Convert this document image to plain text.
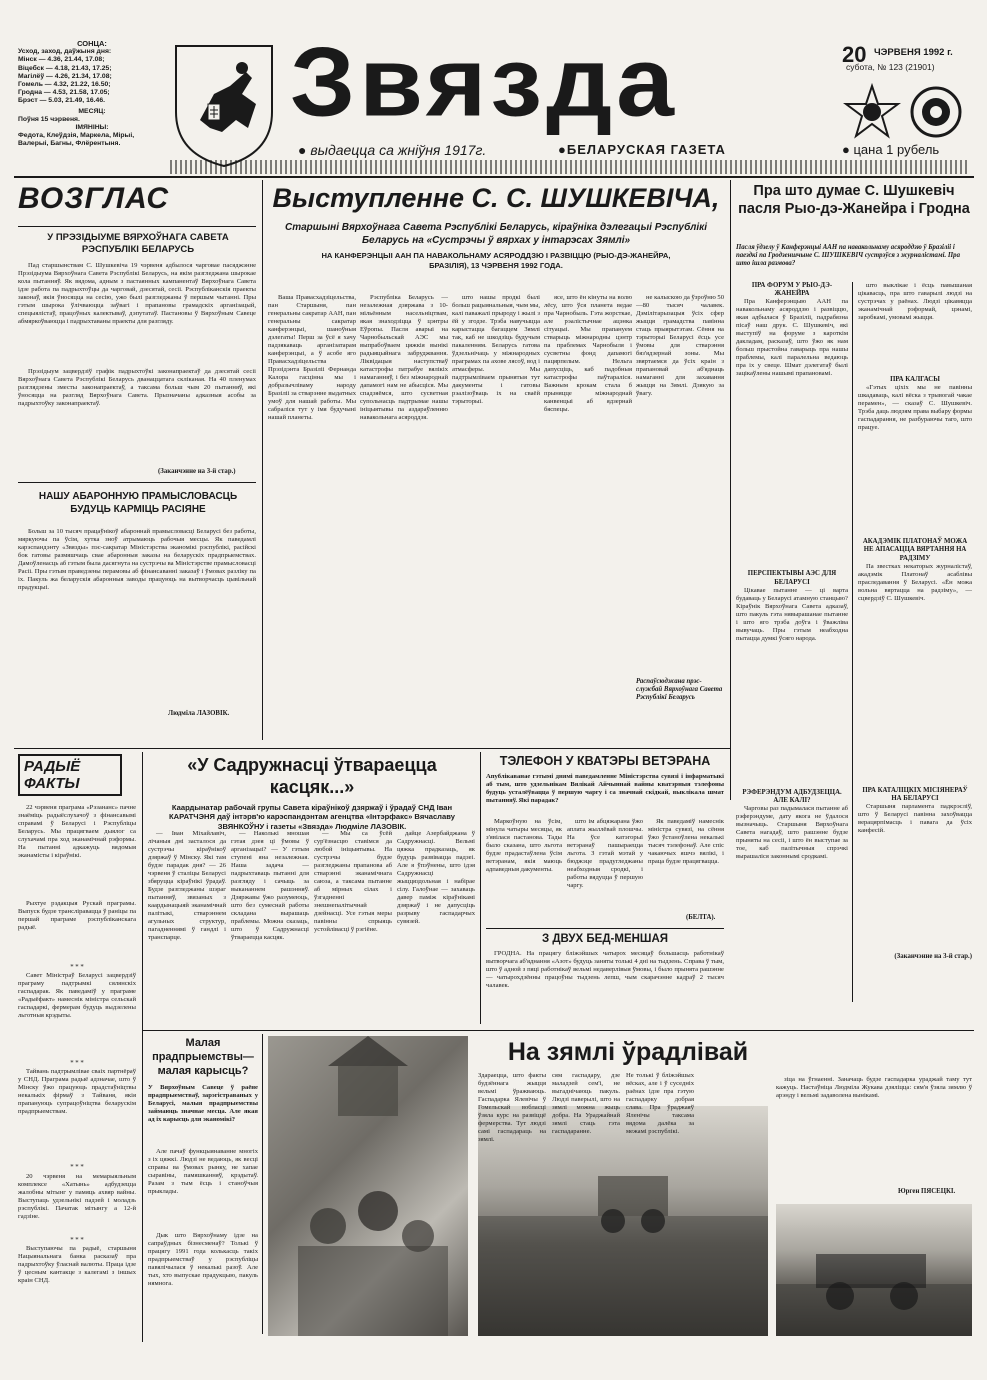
СОНЦА:
Усход, заход, даўжыня дня:
Мінск — 4.36, 21.44, 17.08;
Віцебск — 4.18, 21.43, 17.25;
Магілёў — 4.26, 21.34, 17.08;
Гомель — 4.32, 21.22, 16.50;
Гродна — 4.53, 21.58, 17.05;
Брэст — 5.03, 21.49, 16.46.
МЕСЯЦ:
Поўня 15 чэрвеня.
ІМЯНІНЫ:
Федота, Клеўдзія, Маркела, Мірыі, Валерыі, Багны, Флёрентыня.
Звязда
● выдаецца са жніўня 1917г.	●БЕЛАРУСКАЯ ГАЗЕТА	● цана 1 рубель
20 ЧЭРВЕНЯ 1992 г.
субота, № 123 (21901)
ВОЗГЛАС
У ПРЭЗІДЫУМЕ ВЯРХОЎНАГА САВЕТА РЭСПУБЛІКІ БЕЛАРУСЬ
Пад старшынствам С. Шушкевіча 19 чэрвеня адбылося чарговае пасяджэнне Прэзідыума Вярхоўнага Савета Рэспублікі Беларусь, на якім разгледжана шырокае кола пытанняў. Як вядома, адным з пастаянных кампанентаў Вярхоўнага Савета ідзе работа па падрыхтоўцы да чарговай, дзесятай, сесіі. Рэспубліканскія праекты законаў, якія ўносяцца на сесію, ужо былі разгледжаны ў першым чытанні. Пры гэтым шырока ўлічваюцца заўвагі і прапановы грамадскіх арганізацый, спецыялістаў, працоўных калектываў, дэпутатаў. Пастановы ў Вярхоўным Савеце абмяркоўваюцца і падрыхтаваны праекты для разгляду.
Прэзідыум зацвердзіў графік падрыхтоўкі законапраектаў да дзесятай сесіі Вярхоўнага Савета Рэспублікі Беларусь дванаццатага скліканая. На 40 пленумах разглядзены зместы законапраектаў, а таксама больш чым 20 пытанняў, які ўносяцца на разгляд Вярхоўнага Савета. Прызначаны адказныя асобы за падрыхтоўку законапраектаў.
(Заканчэнне на 3-й стар.)
НАШУ АБАРОННУЮ ПРАМЫСЛОВАСЦЬ БУДУЦЬ КАРМІЦЬ РАСІЯНЕ
Больш за 10 тысяч працаўнікоў абароннай прамысловасці Беларусі без работы, мяркуючы па ўсім, хутка зноў атрымаюць рабочыя месцы. Як паведамлі карэспандэнту «Звязды» пэс-сакратар Міністэрства эканомікі рэспублікі, расійскі бок гатовы размяшчаць свае абаронныя заказы на беларускіх прадпрыемствах. Дамоўленасць аб гэтым была дасягнута на сустрэчы ва Міністэрстве прамысловасці Расіі. Пры гэтым праведзены перамовы аб фінансаванні заказаў і ўмовах разліку па іх. Пакуль жа беларускія абаронныя заводы працуюць на вытворчасць цывільнай прадукцыі.
Людміла ЛАЗОВІК.
Выступленне С. С. ШУШКЕВІЧА,
Старшыні Вярхоўнага Савета Рэспублікі Беларусь, кіраўніка дэлегацыі Рэспублікі Беларусь на «Сустрэчы ў вярхах у інтарэсах Зямлі»
НА КАНФЕРЭНЦЫІ ААН ПА НАВАКОЛЬНАМУ АСЯРОДДЗЮ І РАЗВІЦЦЮ (РЫО-ДЭ-ЖАНЕЙРА, БРАЗІЛІЯ), 13 ЧЭРВЕНЯ 1992 ГОДА.
Ваша Правасхадзіцельства, пан Старшыня, пан генеральны сакратар ААН, пан генеральны сакратар канферэнцыі, шаноўныя дэлегаты! Перш за ўсё я хачу падзякаваць арганізатарам канферэнцыі, а ў асобе яго Правасхадзіцельства Прэзідэнта Бразіліі Фернанда Калора гасцінна мы і добразычліваму народу Бразіліі за стварэнне выдатных умоў для нашай работы. Мы сабраліся тут у імя будучыні нашай планеты.
Рэспубліка Беларусь — незалежная дзяржава з 10-мільённым насельніцтвам, якая знаходзіцца ў цэнтры Еўропы. Пасля аварыі на Чарнобыльскай АЭС мы выпрабоўваем цяжкія вынікі радыяцыйнага забруджвання. Ліквідацыя наступстваў катастрофы патрабуе вялікіх намаганняў, і без міжнароднай дапамогі нам не абысціся. Мы спадзяёмся, што сусветная супольнасць падтрымае нашы ініцыятывы па аздараўленню навакольнага асяроддзя.
што нашы продкі былі больш рацыянальныя, чым мы, калі паважалі прыроду і жылі з ёй у згодзе. Трэба навучыцца карыстацца багаццем Зямлі так, каб не шкодзіць будучым пакаленням. Беларусь гатова ўдзельнічаць у міжнародных праграмах па ахове лясоў, вод і атмасферы. Мы падтрымліваем прынятыя тут дакументы і гатовы рэалізоўваць іх на сваёй тэрыторыі.
ясе, што ён кінуты на волю лёсу, што ўся планета ведае пра Чарнобыль. Гэта жорсткае, але рэалістычнае ацэнка сітуацыі. Мы прапануем стварыць міжнародны цэнтр па праблемах Чарнобыля і сусветны фонд дапамогі пацярпелым. Нельга дапусціць, каб падобныя катастрофы паўтараліся. Важным крокам стала б прыняцце міжнароднай канвенцыі аб ядзернай бяспецы.
не калыскою да ўзроўню 50—80 тысяч чалавек. Дэмілітарызацыя ўсіх сфер жыцця грамадства павінна стаць прыярытэтам. Сёння на тэрыторыі Беларусі ёсць усе ўмовы для стварэння бяз'ядзернай зоны. Мы звяртаемся да ўсіх краін з прапановай аб'яднаць намаганні для захавання жыцця на Зямлі. Дзякую за ўвагу.
Распаўсюджана прэс-службай Вярхоўнага Савета Рэспублікі Беларусь
Пра што думае С. Шушкевіч пасля Рыо-дэ-Жанейра і Гродна
Пасля ўдзелу ў Канферэнцыі ААН па навакольнаму асяроддзю ў Бразіліі і паездкі па Гродзеншчыне С. ШУШКЕВІЧ сустрэўся з журналістамі. Пра што ішла размова?
ПРА ФОРУМ У РЫО-ДЭ-ЖАНЕЙРА
Пра Канферэнцыю ААН па навакольнаму асяроддзю і развіццю, якая адбылася ў Бразіліі, падрабязна пісаў наш друк. С. Шушкевіч, які выступіў на форуме з кароткім дакладам, расказаў, што ўжо як нам больш прыстойна гаварыць пра нашы праблемы, калі паралельна ведаюць пра іх у свеце. Шмат дэлегатаў былі зацікаўлены нашымі прапановамі.
ПЕРСПЕКТЫВЫ АЭС ДЛЯ БЕЛАРУСІ
Цікавае пытанне — ці варта будаваць у Беларусі атамную станцыю? Кіраўнік Вярхоўнага Савета адказаў, што пакуль гэта нявырашанае пытанне і што яго трэба доўга і ўважліва вывучаць. Пры гэтым неабходна пытацца думкі ўсяго народа.
РЭФЕРЭНДУМ АДБУДЗЕЦЦА. АЛЕ КАЛІ?
Чарговы раз падымалася пытанне аб рэферэндуме, дату якога не ўдалося вызначыць. Старшыня Вярхоўнага Савета нагадаў, што рашэнне будзе прыняты на сесіі, і што ён выступае за тое, каб палітычныя спрэчкі вырашаліся законнымі сродкамі.
што выклікае і ёсць павышаная цікавасць, пра што гаварылі людзі на сустрэчах у раёнах. Людзі цікавяцца эканамічнай рэформай, цэнамі, заробкамі, умовамі жыцця.
ПРА КАЛГАСЫ
«Гэтых ціхіх мы не павінны шкадаваць, калі вёска з трывогай чакае перамен», — сказаў С. Шушкевіч. Трэба даць людзям права выбару формы гаспадарання, не разбураючы таго, што працуе.
АКАДЭМІК ПЛАТОНАЎ МОЖА НЕ АПАСАЦЦА ВЯРТАННЯ НА РАДЗІМУ
Па звестках некаторых журналістаў, акадэмік Платонаў асаблівы праследавання ў Беларусі. «Ён можа вольна вяртацца на радзіму», — сцвердзіў С. Шушкевіч.
ПРА КАТАЛІЦКІХ МІСІЯНЕРАЎ НА БЕЛАРУСІ
Старшыня парламента падкрэсліў, што ў Беларусі павінна захоўвацца верацярпімасць і павага да ўсіх канфесій.
(Заканчэнне на 3-й стар.)
РАДЫЁ
ФАКТЫ
22 чэрвеня праграма «Рэзананс» пачне знаёміць радыёслухачоў з фінансавымі справамі ў Беларусі і Рэспубліцы Беларусь. Мы працягваем дыялог са слухачамі пра ход эканамічнай рэформы. На пытанні адкажуць вядомыя эканамісты і кіраўнікі.
Рыхтуе рэдакцыя Рускай праграмы. Выпуск будзе трансліравацца ў раніцы па першай праграме рэспубліканскага радыё.
* * *
Савет Міністраў Беларусі зацвердзіў праграму падтрымкі сялянскіх гаспадарак. Як паведаміў у праграме «Радыёфакт» намеснік міністра сельскай гаспадаркі, фермерам будуць выдзелены льготныя крэдыты.
* * *
Тайвань падтрымлівае сваіх партнёраў у СНД. Праграма радыё адзначае, што ў Мінску ўжо працуюць прадстаўніцтвы некалькіх фірмаў з Тайваня, якія прапануюць супрацоўніцтва беларускім прадпрыемствам.
* * *
20 чэрвеня на мемарыяльным комплексе «Хатынь» адбудзецца жалобны мітынг у памяць ахвяр вайны. Выступаць удзельнікі падзей і моладзь рэспублікі. Пачатак мітынгу а 12-й гадзіне.
* * *
Выступаючы па радыё, старшыня Нацыянальнага банка расказаў пра падрыхтоўку ўласнай валюты. Праца ідзе ў цесным кантакце з калегамі з іншых краін СНД.
«У Садружнасці ўтвараецца касцяк...»
Каардынатар рабочай групы Савета кіраўнікоў дзяржаў і ўрадаў СНД Іван КАРАТЧЭНЯ даў інтэрв'ю карэспандэнтам агенцтва «Інтэрфакс» Вячаславу ЗВЯНКОЎНУ і газеты «Звязда» Людміле ЛАЗОВІК.
— Іван Міхайлавіч, лічаныя дні засталося да сустрэчы кіраўнікоў дзяржаў ў Мінску. Які там будзе парадак дня? — 26 чэрвеня ў сталіцы Беларусі збяруцца кіраўнікі ўрадаў. Будзе разгледжаны шэраг пытанняў, звязаных з каардынацыяй эканамічнай палітыкі, стварэннем агульных структур, пагадненнямі ў гандлі і транспарце.
— Наколькі мношая гэтая дзея ці ўмовы ў арганізацыі? — У гэтым ступені яна незалежная. Наша задача — падрыхтаваць пытанні для разгляду і сачыць за выкананнем рашэнняў. Дзяржавы ўжо разумеюць, што без сумеснай работы складана вырашаць праблемы. Можна сказаць, што ў Садружнасці ўтвараецца касцяк.
— Мы са ўсёй сур'ёзнасцю ставімся да любой ініцыятывы. На сустрэчы будзе разгледжаны прапанова аб стварэнні эканамічнага саюза, а таксама пытанне аб мірных сілах і ўзгадненні знешнепалітычнай дзейнасці. Усе гэтыя меры павінны спрыяць устойлівасці ў рэгіёне.
дайце Азербайджана ў Садружнасці. Вельмі цяжка прадказаць, як будуць развівацца падзеі. Але я ўпэўнены, што ідэя Садружнасці жыццяздольная і набірае сілу. Галоўнае — захаваць давер паміж кіраўнікамі дзяржаў і не дапусціць разрыву гаспадарчых сувязей.
ТЭЛЕФОН У КВАТЭРЫ ВЕТЭРАНА
Апублікаванае гэтымі днямі паведамленне Міністэрства сувязі і інфарматыкі аб тым, што удзельнікам Вялікай Айчыннай вайны кватэрныя тэлефоны будуць усталёўвацца ў першую чаргу і са значнай скідкай, выклікала шмат пытанняў. Які парадак?
Маркоўную на ўсім, мінула чатыры месяцы, як з'явілася пастанова. Тады было сказана, што льгота будзе прадастаўлена ўсім ветэранам, якія маюць адпаведныя дакументы.
што ім абцяжарана ўжо аплата жыллёвай плошчы. На ўсе катэгорыі ветэранаў пашыраецца льгота. З гэтай мэтай у бюджэце прадугледжаны неабходныя сродкі, і работы вядуцца ў першую чаргу.
Як паведаміў намеснік міністра сувязі, на сёння ўжо ўстаноўлена некалькі тысяч тэлефонаў. Але спіс чакаючых яшчэ вялікі, і праца будзе працягвацца.
(БЕЛТА).
З ДВУХ БЕД-МЕНШАЯ
ГРОДНА. На працягу бліжэйшых чатырох месяцаў большасць работнікаў вытворчага аб'яднання «Азот» будуць заняты толькі 4 дні на тыдзень. Справа ў тым, што ў адной з пяці работнікаў вельмі недаверлівыя ўмовы, і было прынята рашэнне — чатырохдзённы працоўны тыдзень лепш, чым скарачэнне кадраў 2 тысяч чалавек.
Малая прадпрыемствы— малая карысць?
У Вярхоўным Савеце ў раёне прадпрыемстваў, зарэгістраваных у Беларусі, малыя прадпрыемствы займаюць значнае месца. Але якая ад іх карысць для эканомікі?
Але пачаў функцыянаванне многіх з іх цяжкі. Людзі не ведаюць, як весці справы ва ўмовах рынку, не хапае сыравіны, памяшканняў, крэдытаў. Разам з тым ёсць і станоўчыя прыклады.
Дык што Вярхоўнаму ідзе на сапраўдных бізнесменаў? Толькі ў працягу 1991 года колькасць такіх прадпрыемстваў у рэспубліцы павялічылася ў некалькі разоў. Але тых, хто выпускае прадукцыю, пакуль нямнога.
На зямлі ўрадлівай
Здараецца, што факты будзённага жыцця вельмі ўражваюць. Гаспадарка Ялевічы ў Гомельскай вобласці ўзяла курс на развіццё фермерства. Тут людзі самі гаспадараць на зямлі.
сям гаспадару, дзе маладзей сем'і, не выгаднічаюць пакуль. Людзі паверылі, што на зямлі можна жыць добра. На Ураджайнай зямлі стаць гэта гаспадаранне.
Не толькі ў бліжэйшых вёсках, але і ў суседніх раёнах ідзе пра гэтую гаспадарку добрая слава. Пра ўраджаяў Яленічы таксама вядома далёка за межамі рэспублікі.
зіца на ўгнаенні. Заначаць будзе гаспадарка ураджай таму тут кажуць. Настаўніца Людміла Жукава дзяліцца: сям'я ўзяла зямлю ў арэнду і вельмі задаволена вынікамі.
Юрген ПЯСЕЦКІ.
